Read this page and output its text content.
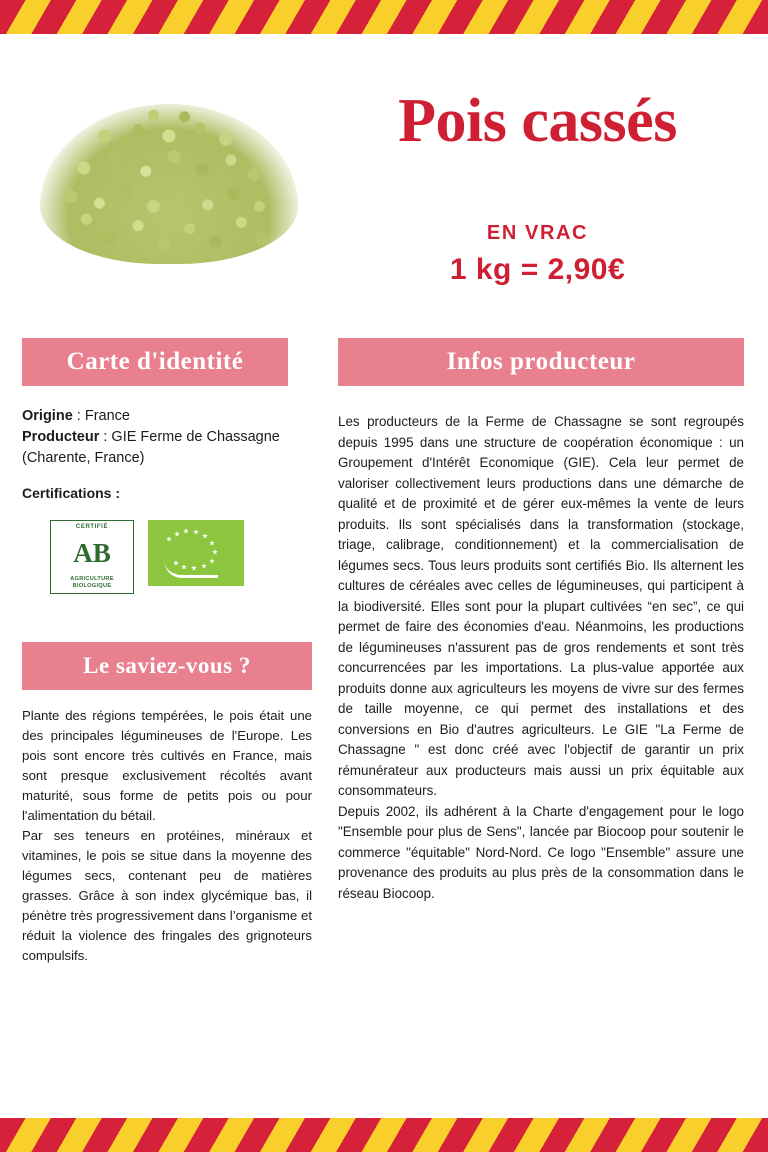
Pois cassés
EN VRAC
1 kg = 2,90€
Carte d'identité
Origine : France
Producteur : GIE Ferme de Chassagne (Charente, France)
Certifications :
CERTIFIÉ
AB
AGRICULTURE BIOLOGIQUE
Le saviez-vous ?

Plante des régions tempérées, le pois était une des principales légumineuses de l'Europe. Les pois sont encore très cultivés en France, mais sont presque exclusivement récoltés avant maturité, sous forme de petits pois ou pour l'alimentation du bétail.

Par ses teneurs en protéines, minéraux et vitamines, le pois se situe dans la moyenne des légumes secs, contenant peu de matières grasses. Grâce à son index glycémique bas, il pénètre très progressivement dans l’organisme et réduit la violence des fringales des grignoteurs compulsifs.

Infos producteur

Les producteurs de la Ferme de Chassagne se sont regroupés depuis 1995 dans une structure de coopération économique : un Groupement d'Intérêt Economique (GIE). Cela leur permet de valoriser collectivement leurs productions dans une démarche de qualité et de proximité et de gérer eux-mêmes la vente de leurs produits. Ils sont spécialisés dans la transformation (stockage, triage, calibrage, conditionnement) et la commercialisation de légumes secs. Tous leurs produits sont certifiés Bio. Ils alternent les cultures de céréales avec celles de légumineuses, qui participent à la biodiversité. Elles sont pour la plupart cultivées “en sec”, ce qui permet de faire des économies d'eau. Néanmoins, les productions de légumineuses n'assurent pas de gros rendements et sont très concurrencées par les importations. La plus-value apportée aux produits donne aux agriculteurs les moyens de vivre sur des fermes de taille moyenne, ce qui permet des installations et des conversions en Bio d'autres agriculteurs. Le GIE "La Ferme de Chassagne " est donc créé avec l'objectif de garantir un prix rémunérateur aux producteurs mais aussi un prix équitable aux consommateurs.

Depuis 2002, ils adhérent à la Charte d'engagement pour le logo "Ensemble pour plus de Sens", lancée par Biocoop pour soutenir le commerce "équitable" Nord-Nord. Ce logo "Ensemble" assure une provenance des produits au plus près de la consommation dans le réseau Biocoop.
